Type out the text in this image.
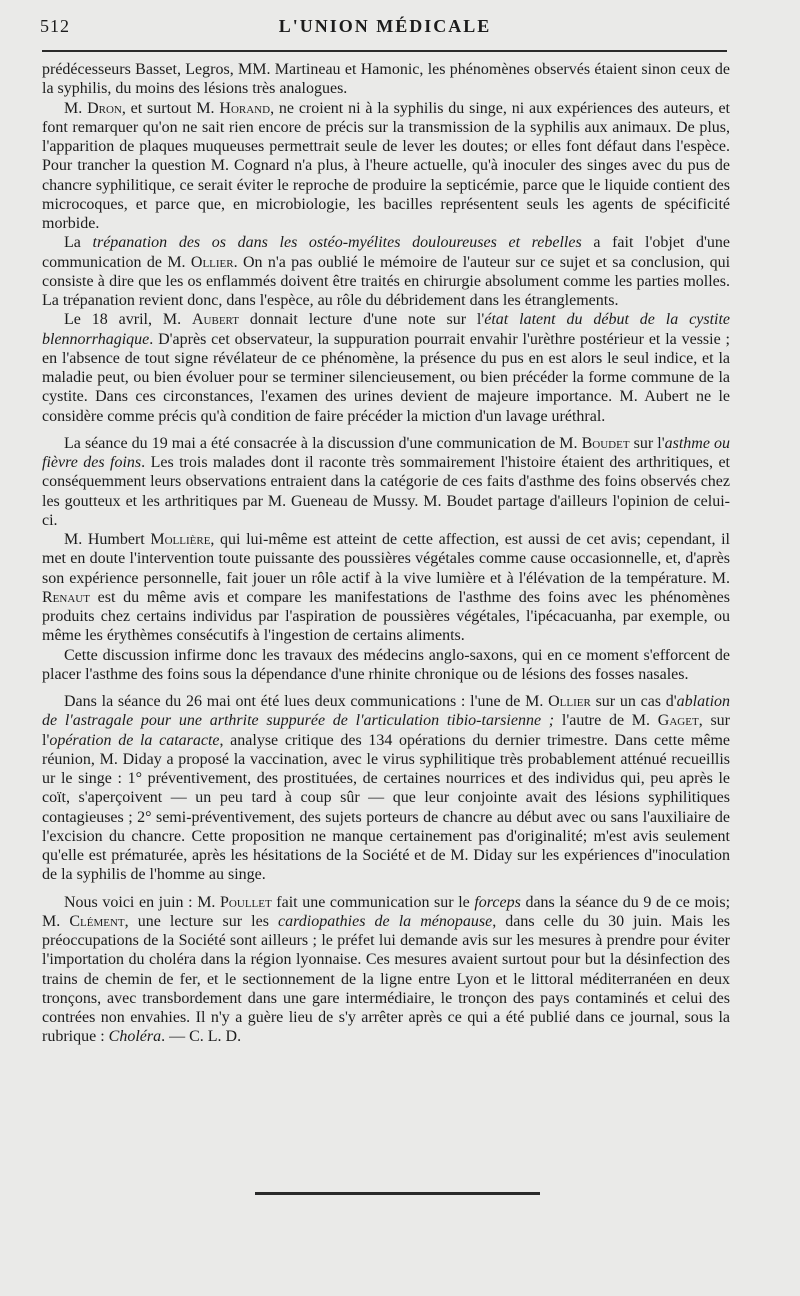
512	L'UNION MÉDICALE

prédécesseurs Basset, Legros, MM. Martineau et Hamonic, les phénomènes observés étaient sinon ceux de la syphilis, du moins des lésions très analogues.

M. Dron, et surtout M. Horand, ne croient ni à la syphilis du singe, ni aux expériences des auteurs, et font remarquer qu'on ne sait rien encore de précis sur la transmission de la syphilis aux animaux. De plus, l'apparition de plaques muqueuses permettrait seule de lever les doutes; or elles font défaut dans l'espèce. Pour trancher la question M. Cognard n'a plus, à l'heure actuelle, qu'à inoculer des singes avec du pus de chancre syphilitique, ce serait éviter le reproche de produire la septicémie, parce que le liquide contient des microcoques, et parce que, en microbiologie, les bacilles représentent seuls les agents de spécificité morbide.

La trépanation des os dans les ostéo-myélites douloureuses et rebelles a fait l'objet d'une communication de M. Ollier. On n'a pas oublié le mémoire de l'auteur sur ce sujet et sa conclusion, qui consiste à dire que les os enflammés doivent être traités en chirurgie absolument comme les parties molles. La trépanation revient donc, dans l'espèce, au rôle du débridement dans les étranglements.

Le 18 avril, M. Aubert donnait lecture d'une note sur l'état latent du début de la cystite blennorrhagique. D'après cet observateur, la suppuration pourrait envahir l'urèthre postérieur et la vessie ; en l'absence de tout signe révélateur de ce phénomène, la présence du pus en est alors le seul indice, et la maladie peut, ou bien évoluer pour se terminer silencieusement, ou bien précéder la forme commune de la cystite. Dans ces circonstances, l'examen des urines devient de majeure importance. M. Aubert ne le considère comme précis qu'à condition de faire précéder la miction d'un lavage uréthral.

La séance du 19 mai a été consacrée à la discussion d'une communication de M. Boudet sur l'asthme ou fièvre des foins. Les trois malades dont il raconte très sommairement l'histoire étaient des arthritiques, et conséquemment leurs observations entraient dans la catégorie de ces faits d'asthme des foins observés chez les goutteux et les arthritiques par M. Gueneau de Mussy. M. Boudet partage d'ailleurs l'opinion de celui-ci.

M. Humbert Mollière, qui lui-même est atteint de cette affection, est aussi de cet avis; cependant, il met en doute l'intervention toute puissante des poussières végétales comme cause occasionnelle, et, d'après son expérience personnelle, fait jouer un rôle actif à la vive lumière et à l'élévation de la température. M. Renaut est du même avis et compare les manifestations de l'asthme des foins avec les phénomènes produits chez certains individus par l'aspiration de poussières végétales, l'ipécacuanha, par exemple, ou même les érythèmes consécutifs à l'ingestion de certains aliments.

Cette discussion infirme donc les travaux des médecins anglo-saxons, qui en ce moment s'efforcent de placer l'asthme des foins sous la dépendance d'une rhinite chronique ou de lésions des fosses nasales.

Dans la séance du 26 mai ont été lues deux communications : l'une de M. Ollier sur un cas d'ablation de l'astragale pour une arthrite suppurée de l'articulation tibio-tarsienne ; l'autre de M. Gaget, sur l'opération de la cataracte, analyse critique des 134 opérations du dernier trimestre. Dans cette même réunion, M. Diday a proposé la vaccination, avec le virus syphilitique très probablement atténué recueillis ur le singe : 1° préventivement, des prostituées, de certaines nourrices et des individus qui, peu après le coït, s'aperçoivent — un peu tard à coup sûr — que leur conjointe avait des lésions syphilitiques contagieuses ; 2° semi-préventivement, des sujets porteurs de chancre au début avec ou sans l'auxiliaire de l'excision du chancre. Cette proposition ne manque certainement pas d'originalité; m'est avis seulement qu'elle est prématurée, après les hésitations de la Société et de M. Diday sur les expériences d''inoculation de la syphilis de l'homme au singe.

Nous voici en juin : M. Poullet fait une communication sur le forceps dans la séance du 9 de ce mois; M. Clément, une lecture sur les cardiopathies de la ménopause, dans celle du 30 juin. Mais les préoccupations de la Société sont ailleurs ; le préfet lui demande avis sur les mesures à prendre pour éviter l'importation du choléra dans la région lyonnaise. Ces mesures avaient surtout pour but la désinfection des trains de chemin de fer, et le sectionnement de la ligne entre Lyon et le littoral méditerranéen en deux tronçons, avec transbordement dans une gare intermédiaire, le tronçon des pays contaminés et celui des contrées non envahies. Il n'y a guère lieu de s'y arrêter après ce qui a été publié dans ce journal, sous la rubrique : Choléra. — C. L. D.
